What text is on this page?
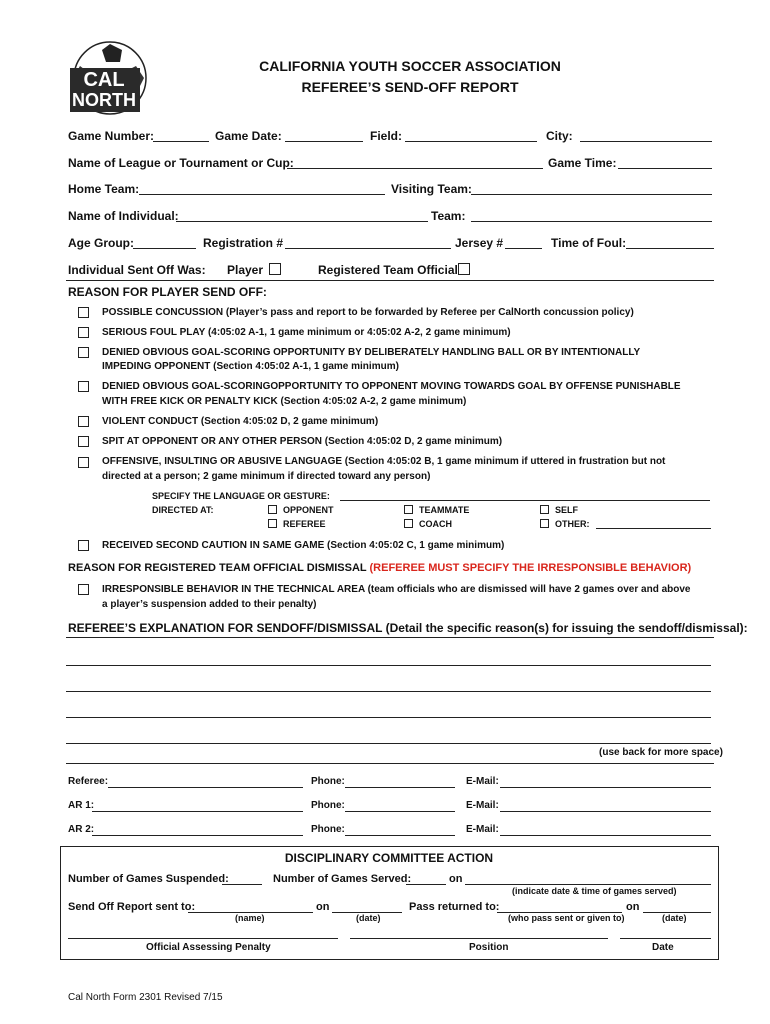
CAL
NORTH
CALIFORNIA YOUTH SOCCER ASSOCIATION
REFEREE’S SEND-OFF REPORT
Game Number:	Game Date:	Field:	City:
Name of League or Tournament or Cup:	Game Time:
Home Team:	Visiting Team:
Name of Individual:	Team:
Age Group:	Registration #	Jersey #	Time of Foul:
Individual Sent Off Was: Player	Registered Team Official
REASON FOR PLAYER SEND OFF:
POSSIBLE CONCUSSION (Player’s pass and report to be forwarded by Referee per CalNorth concussion policy)
SERIOUS FOUL PLAY (4:05:02 A-1, 1 game minimum or 4:05:02 A-2, 2 game minimum)
DENIED OBVIOUS GOAL-SCORING OPPORTUNITY BY DELIBERATELY HANDLING BALL OR BY INTENTIONALLY
IMPEDING OPPONENT (Section 4:05:02 A-1, 1 game minimum)
DENIED OBVIOUS GOAL-SCORINGOPPORTUNITY TO OPPONENT MOVING TOWARDS GOAL BY OFFENSE PUNISHABLE
WITH FREE KICK OR PENALTY KICK (Section 4:05:02 A-2, 2 game minimum)
VIOLENT CONDUCT (Section 4:05:02 D, 2 game minimum)
SPIT AT OPPONENT OR ANY OTHER PERSON (Section 4:05:02 D, 2 game minimum)
OFFENSIVE, INSULTING OR ABUSIVE LANGUAGE (Section 4:05:02 B, 1 game minimum if uttered in frustration but not
directed at a person; 2 game minimum if directed toward any person)
SPECIFY THE LANGUAGE OR GESTURE:
DIRECTED AT:	OPPONENT	TEAMMATE	SELF
REFEREE	COACH	OTHER:
RECEIVED SECOND CAUTION IN SAME GAME (Section 4:05:02 C, 1 game minimum)
REASON FOR REGISTERED TEAM OFFICIAL DISMISSAL (REFEREE MUST SPECIFY THE IRRESPONSIBLE BEHAVIOR)
IRRESPONSIBLE BEHAVIOR IN THE TECHNICAL AREA (team officials who are dismissed will have 2 games over and above
a player’s suspension added to their penalty)
REFEREE’S EXPLANATION FOR SENDOFF/DISMISSAL (Detail the specific reason(s) for issuing the sendoff/dismissal):
(use back for more space)
Referee:	Phone:	E-Mail:
AR 1:	Phone:	E-Mail:
AR 2:	Phone:	E-Mail:
DISCIPLINARY COMMITTEE ACTION
Number of Games Suspended:	Number of Games Served:	on
(indicate date & time of games served)
Send Off Report sent to:	on	Pass returned to:	on
(name)	(date)	(who pass sent or given to)	(date)
Official Assessing Penalty	Position	Date
Cal North Form 2301 Revised 7/15
